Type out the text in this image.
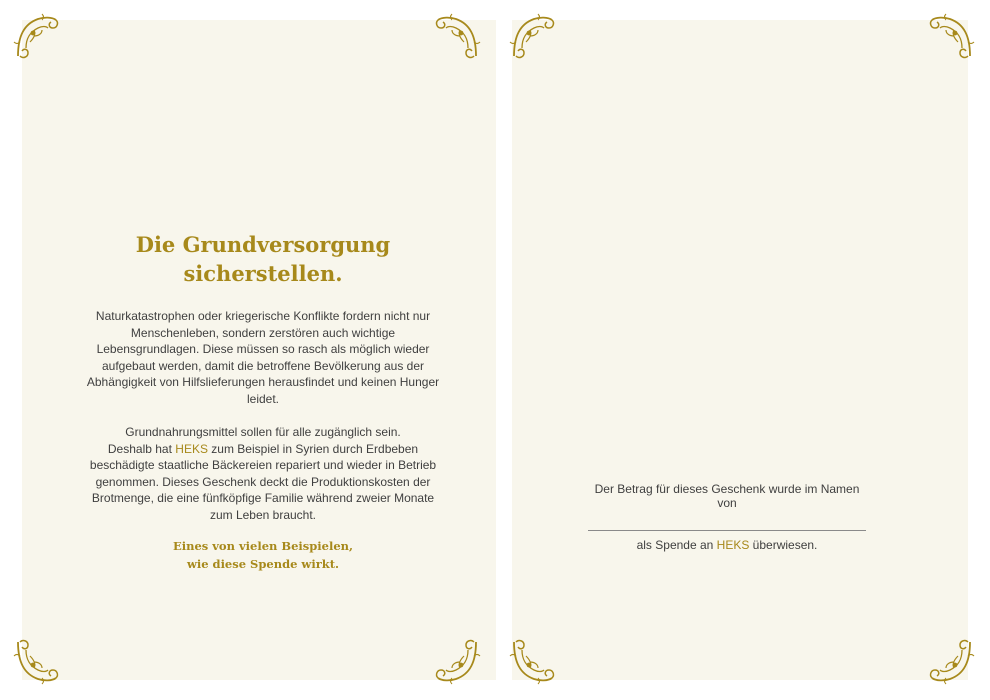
Die Grundversorgung
sicherstellen.

Naturkatastrophen oder kriegerische Konflikte fordern nicht nur Menschenleben, sondern zerstören auch wichtige Lebensgrundlagen. Diese müssen so rasch als möglich wieder aufgebaut werden, damit die betroffene Bevölkerung aus der Abhängigkeit von Hilfslieferungen herausfindet und keinen Hunger leidet.

Grundnahrungsmittel sollen für alle zugänglich sein.
Deshalb hat HEKS zum Beispiel in Syrien durch Erdbeben beschädigte staatliche Bäckereien repariert und wieder in Betrieb genommen. Dieses Geschenk deckt die Produktionskosten der Brotmenge, die eine fünfköpfige Familie während zweier Monate zum Leben braucht.

Eines von vielen Beispielen,
wie diese Spende wirkt.

Der Betrag für dieses Geschenk wurde im Namen von
als Spende an HEKS überwiesen.
